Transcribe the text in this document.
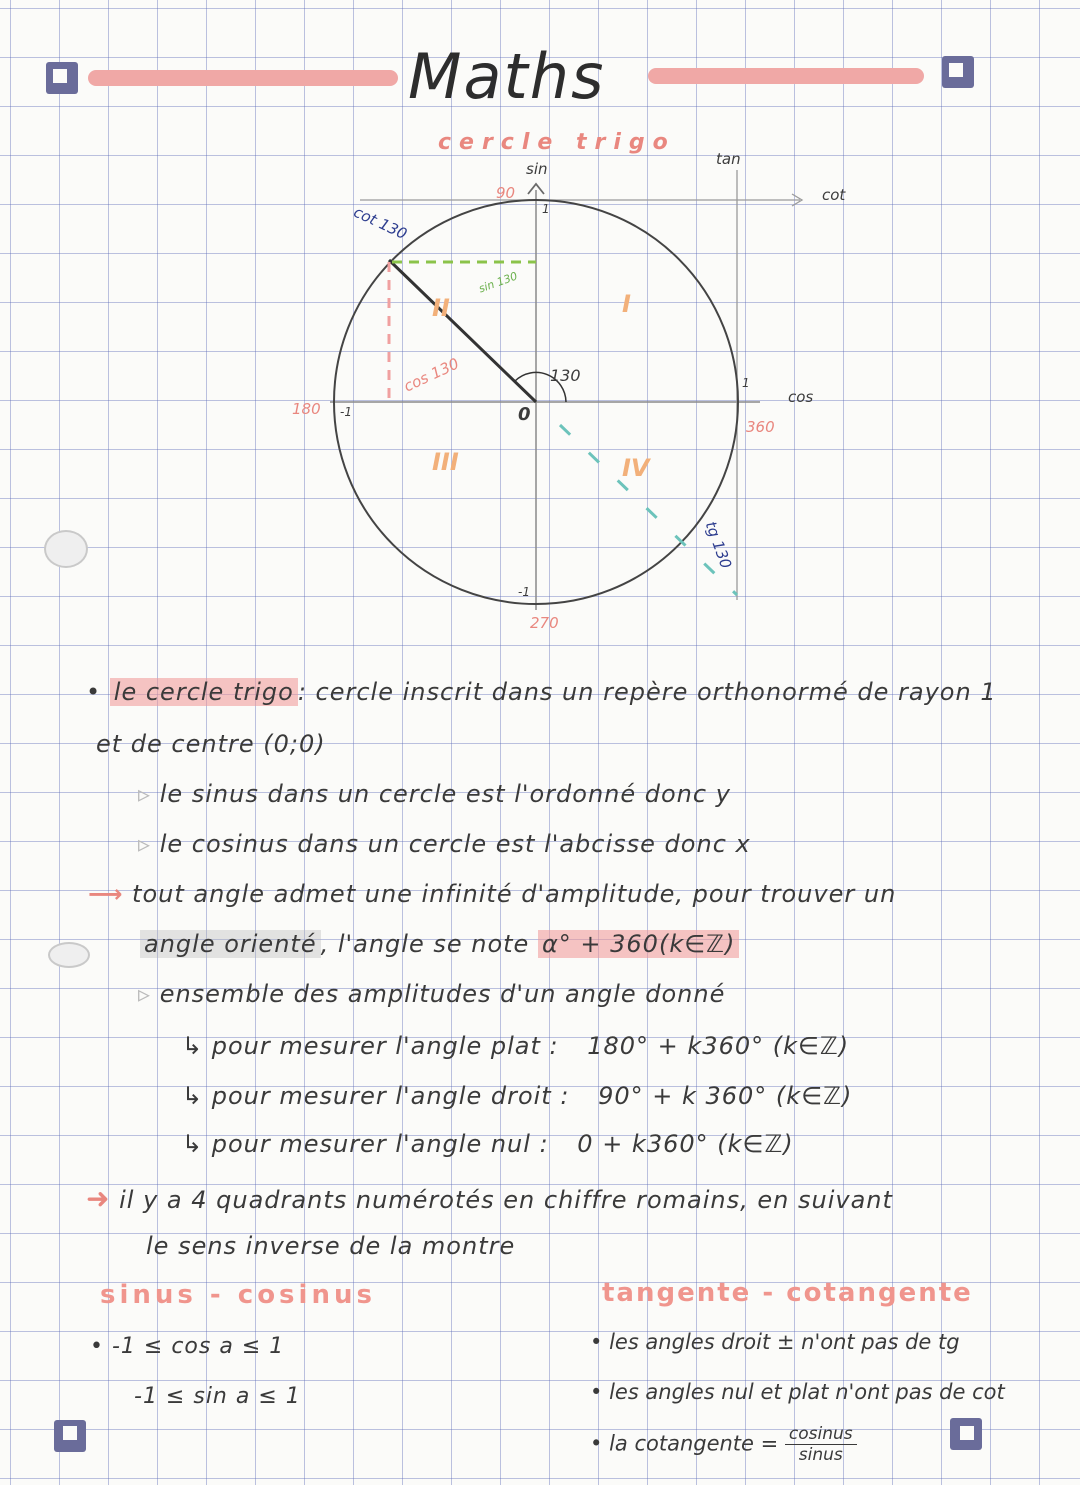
Maths
cercle trigo
sin
tan
cot
cos
0
1
-1
-1
1
90
180
270
360
cot 130
sin 130
cos 130	130
tg 130
I
II
III	IV
• le cercle trigo : cercle inscrit dans un repère orthonormé de rayon 1
et de centre (0;0)
▹ le sinus dans un cercle est l'ordonné donc y
▹ le cosinus dans un cercle est l'abcisse donc x
⟶ tout angle admet une infinité d'amplitude, pour trouver un
angle orienté , l'angle se note α° + 360(k∈ℤ)
▹ ensemble des amplitudes d'un angle donné
↳ pour mesurer l'angle plat : 180° + k360° (k∈ℤ)
↳ pour mesurer l'angle droit : 90° + k 360° (k∈ℤ)
↳ pour mesurer l'angle nul : 0 + k360° (k∈ℤ)
➜ il y a 4 quadrants numérotés en chiffre romains, en suivant
le sens inverse de la montre
sinus - cosinus
• -1 ≤ cos a ≤ 1
-1 ≤ sin a ≤ 1
tangente - cotangente
• les angles droit ± n'ont pas de tg
• les angles nul et plat n'ont pas de cot
• la cotangente = $\frac{\text{cosinus}}{\text{sinus}}$
